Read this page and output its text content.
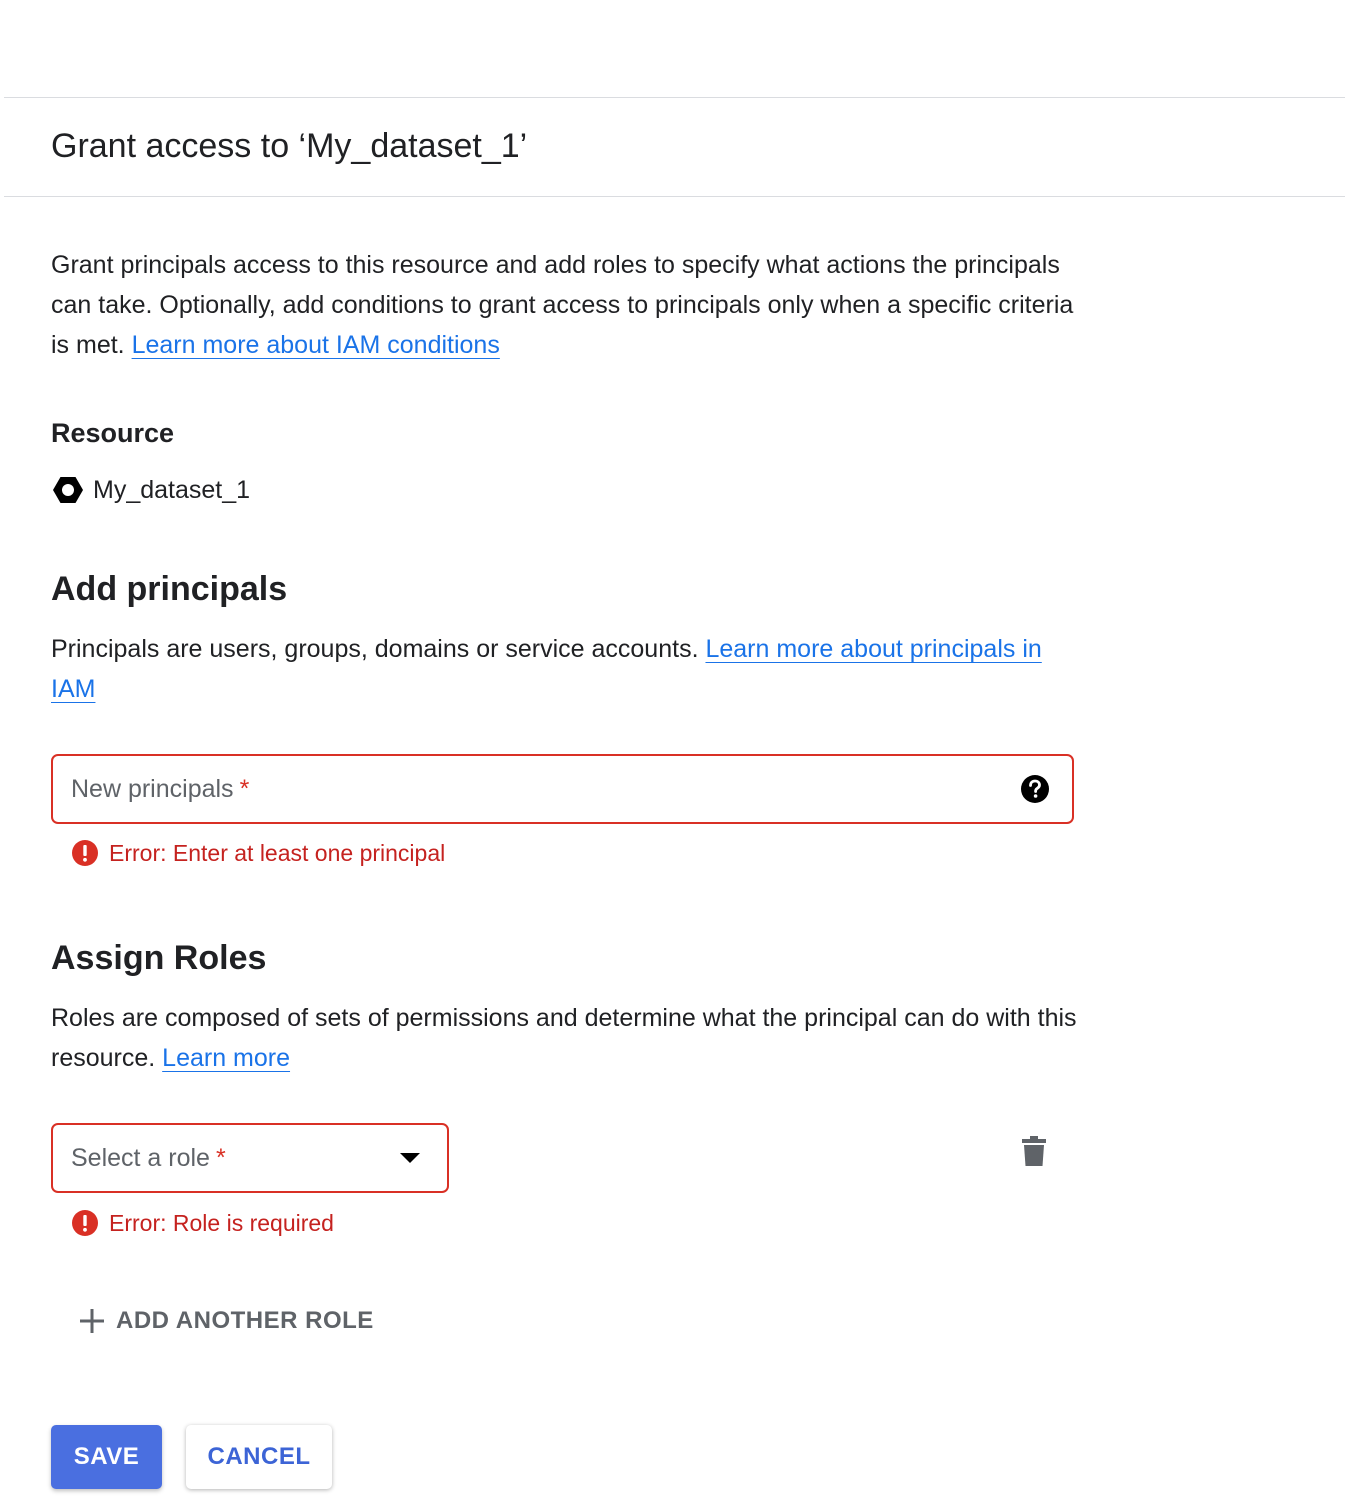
Grant access to ‘My_dataset_1’

Grant principals access to this resource and add roles to specify what actions the principals can take. Optionally, add conditions to grant access to principals only when a specific criteria is met. Learn more about IAM conditions

Resource
My_dataset_1
Add principals

Principals are users, groups, domains or service accounts. Learn more about principals in IAM

New principals *
Error: Enter at least one principal
Assign Roles

Roles are composed of sets of permissions and determine what the principal can do with this resource. Learn more

Select a role *
Error: Role is required
ADD ANOTHER ROLE
SAVE	CANCEL
